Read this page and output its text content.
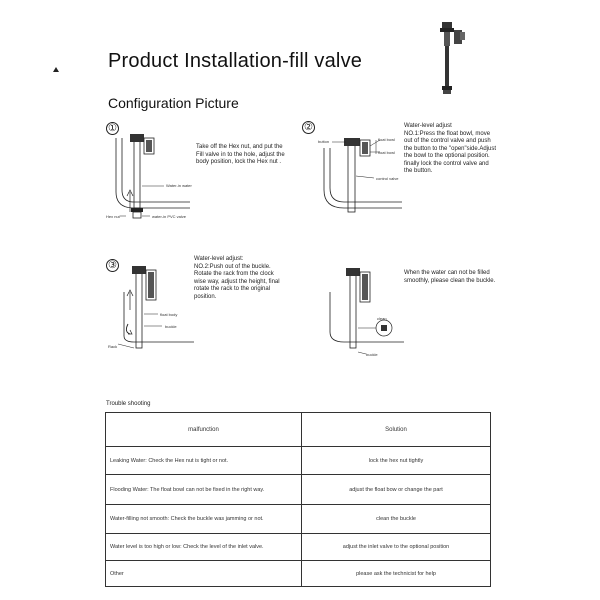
Product Installation-fill valve
Configuration Picture
①
Water-in water
Hex nut	water-in PVC valve
Take off the Hex nut, and put the
Fill valve in to the hole, adjust the
body position, lock the Hex nut .
②
button	float bowl
float bowl
control valve
Water-level adjust
NO.1:Press the float bowl, move
out of the control valve and push
the button to the "open"side.Adjust
the bowl to the optional position.
finally lock the control valve and
the button.
③
float body
buckle
Rack
Water-level adjust:
NO.2:Push out of the buckle.
Rotate the rack from the clock
wise way, adjust the height, final
rotate the rack to the original
position.
clean
buckle
When the water can not be filled
smoothly, please clean the buckle.
Trouble shooting
malfunction	Solution
Leaking Water: Check the Hex nut is tight or not.	lock the hex nut tightly
Flooding Water: The float bowl can not be fixed in the right way.	adjust the float bow or change the part
Water-filling not smooth: Check the buckle was jamming or not.	clean the buckle
Water level is too high or low: Check the level of the inlet valve.	adjust the inlet valve to the optional position
Other	please ask the technicist for help
